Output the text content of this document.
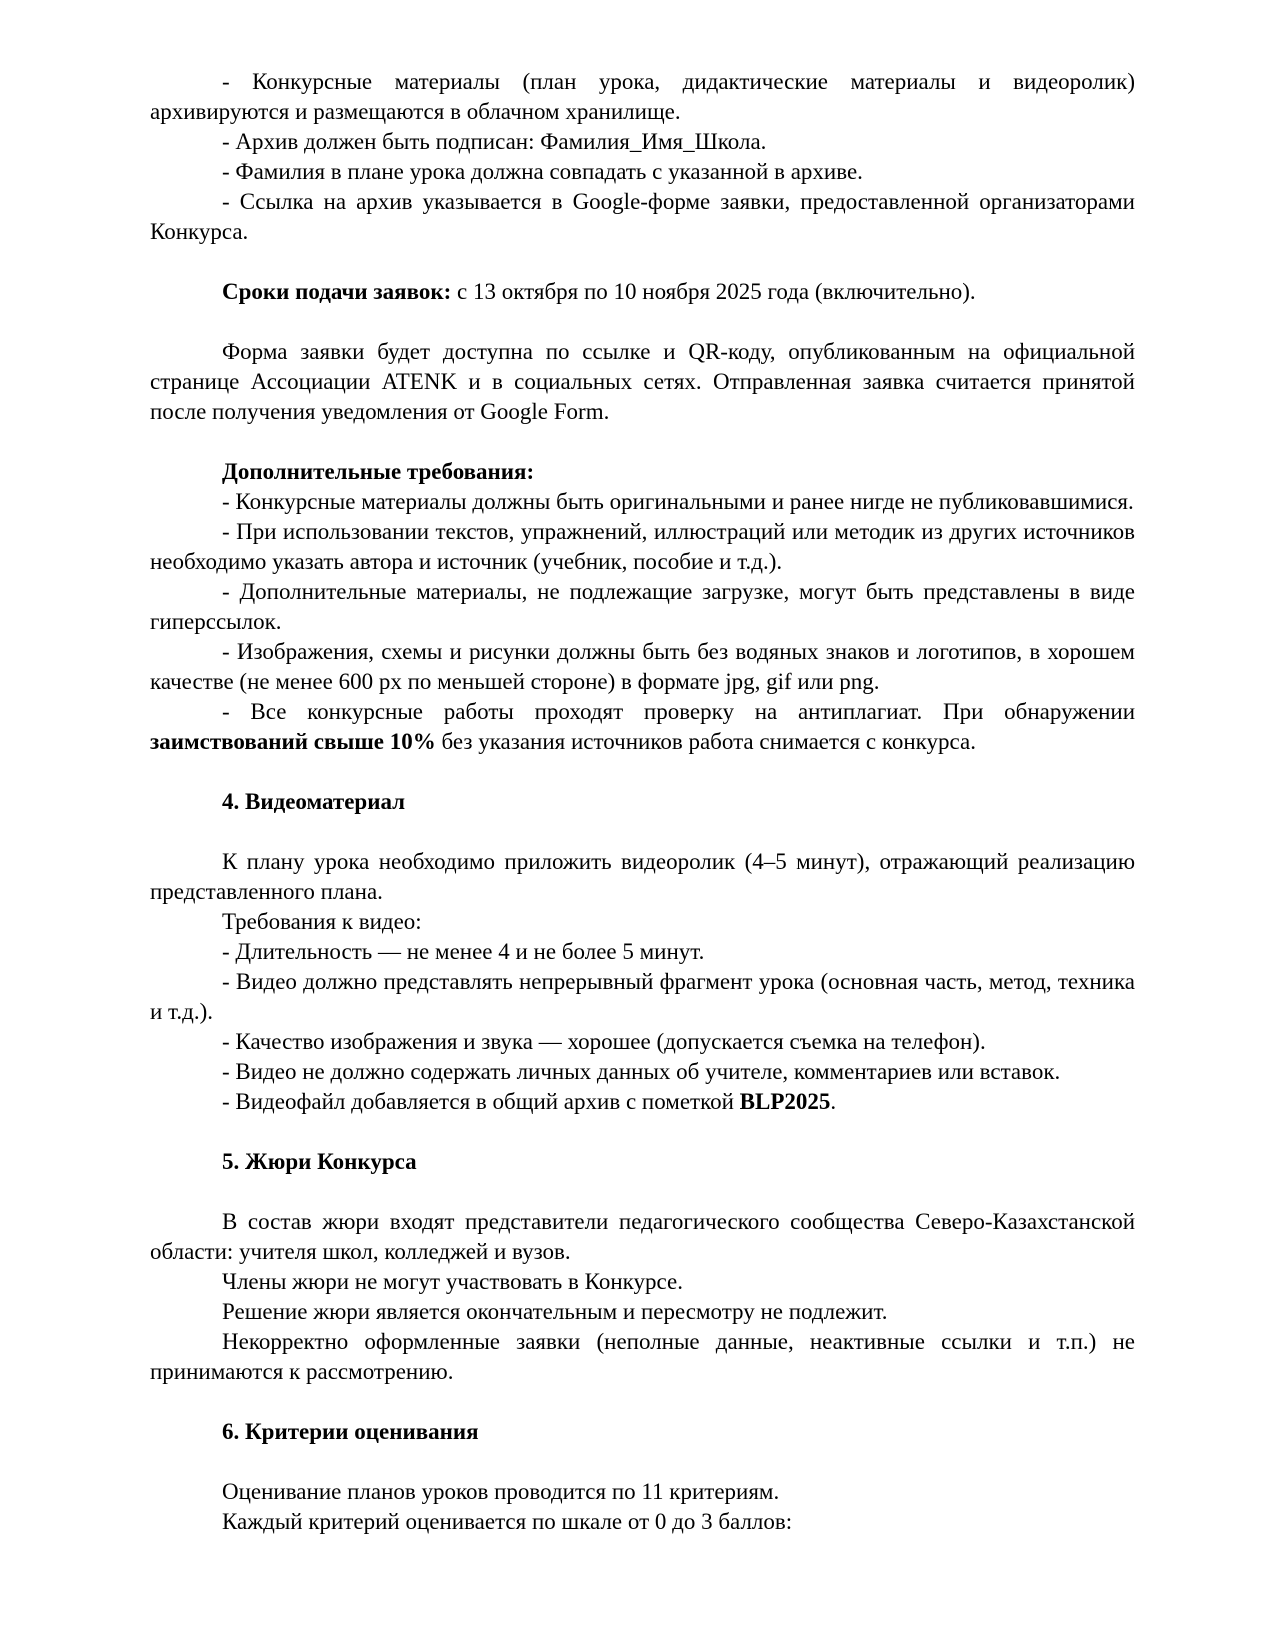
- Конкурсные материалы (план урока, дидактические материалы и видеоролик) архивируются и размещаются в облачном хранилище.

- Архив должен быть подписан: Фамилия_Имя_Школа.

- Фамилия в плане урока должна совпадать с указанной в архиве.

- Ссылка на архив указывается в Google-форме заявки, предоставленной организаторами Конкурса.

Сроки подачи заявок: с 13 октября по 10 ноября 2025 года (включительно).

Форма заявки будет доступна по ссылке и QR-коду, опубликованным на официальной странице Ассоциации ATENK и в социальных сетях. Отправленная заявка считается принятой после получения уведомления от Google Form.

Дополнительные требования:

- Конкурсные материалы должны быть оригинальными и ранее нигде не публиковавшимися.

- При использовании текстов, упражнений, иллюстраций или методик из других источников необходимо указать автора и источник (учебник, пособие и т.д.).

- Дополнительные материалы, не подлежащие загрузке, могут быть представлены в виде гиперссылок.

- Изображения, схемы и рисунки должны быть без водяных знаков и логотипов, в хорошем качестве (не менее 600 px по меньшей стороне) в формате jpg, gif или png.

- Все конкурсные работы проходят проверку на антиплагиат. При обнаружении заимствований свыше 10% без указания источников работа снимается с конкурса.

4. Видеоматериал

К плану урока необходимо приложить видеоролик (4–5 минут), отражающий реализацию представленного плана.

Требования к видео:

- Длительность — не менее 4 и не более 5 минут.

- Видео должно представлять непрерывный фрагмент урока (основная часть, метод, техника и т.д.).

- Качество изображения и звука — хорошее (допускается съемка на телефон).

- Видео не должно содержать личных данных об учителе, комментариев или вставок.

- Видеофайл добавляется в общий архив с пометкой BLP2025.

5. Жюри Конкурса

В состав жюри входят представители педагогического сообщества Северо-Казахстанской области: учителя школ, колледжей и вузов.

Члены жюри не могут участвовать в Конкурсе.

Решение жюри является окончательным и пересмотру не подлежит.

Некорректно оформленные заявки (неполные данные, неактивные ссылки и т.п.) не принимаются к рассмотрению.

6. Критерии оценивания

Оценивание планов уроков проводится по 11 критериям.

Каждый критерий оценивается по шкале от 0 до 3 баллов:
